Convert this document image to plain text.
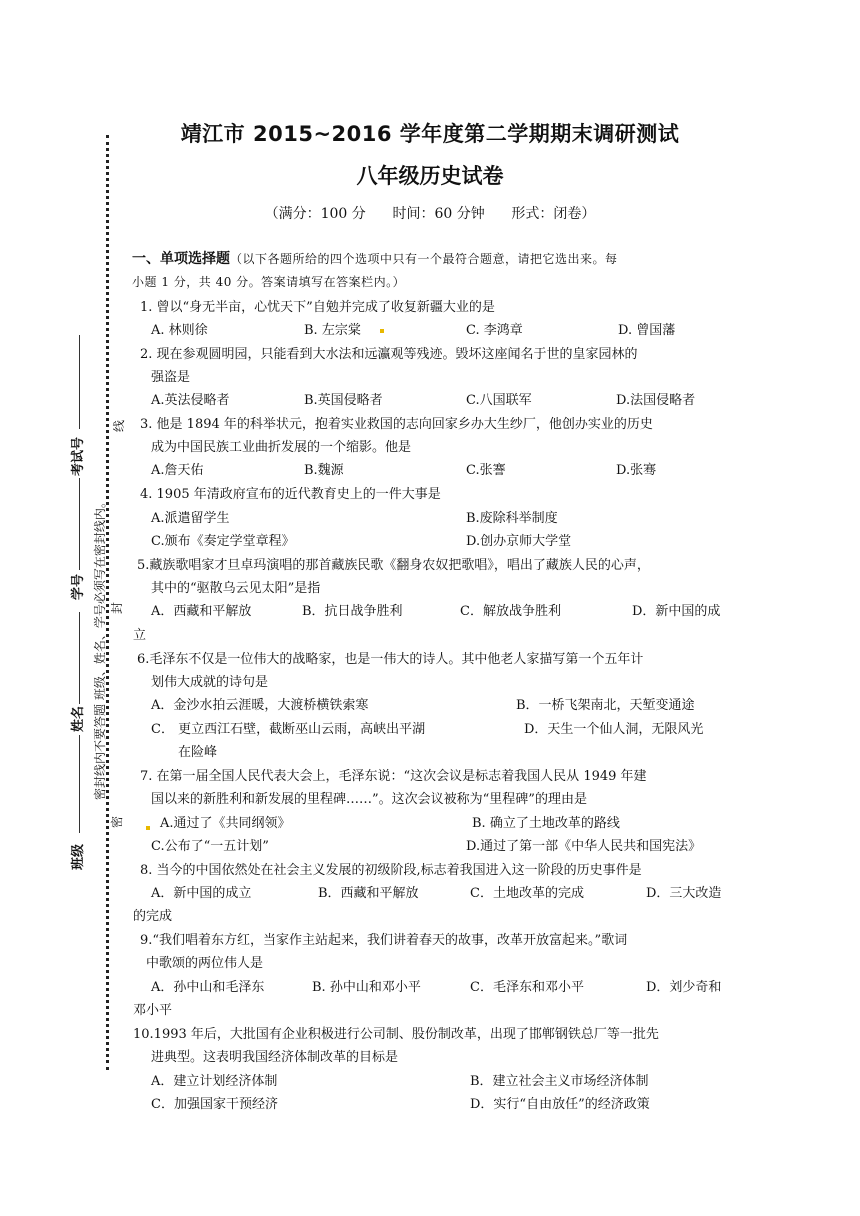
靖江市 2015~2016 学年度第二学期期末调研测试
八年级历史试卷
（满分：100 分      时间：60 分钟      形式：闭卷）
密封线内不要答题 班级、姓名、学号必须写在密封线内。
密
封
线
考试号
学号
姓名
班级
一、单项选择题（以下各题所给的四个选项中只有一个最符合题意，请把它选出来。每
小题 1 分，共 40 分。答案请填写在答案栏内。）
1. 曾以“身无半亩，心忧天下”自勉并完成了收复新疆大业的是
A. 林则徐	B. 左宗棠	C. 李鸿章	D. 曾国藩
2. 现在参观圆明园，只能看到大水法和远瀛观等残迹。毁坏这座闻名于世的皇家园林的
强盗是
A.英法侵略者	B.英国侵略者	C.八国联军	D.法国侵略者
3. 他是 1894 年的科举状元，抱着实业救国的志向回家乡办大生纱厂，他创办实业的历史
成为中国民族工业曲折发展的一个缩影。他是
A.詹天佑	B.魏源	C.张謇	D.张骞
4. 1905 年清政府宣布的近代教育史上的一件大事是
A.派遣留学生	B.废除科举制度
C.颁布《奏定学堂章程》	D.创办京师大学堂
5.藏族歌唱家才旦卓玛演唱的那首藏族民歌《翻身农奴把歌唱》，唱出了藏族人民的心声，
其中的“驱散乌云见太阳”是指
A．西藏和平解放	B．抗日战争胜利	C．解放战争胜利	D．新中国的成
立
6.毛泽东不仅是一位伟大的战略家，也是一伟大的诗人。其中他老人家描写第一个五年计
划伟大成就的诗句是
A．金沙水拍云涯暖，大渡桥横铁索寒	B．一桥飞架南北，天堑变通途
C． 更立西江石壁，截断巫山云雨，高峡出平湖	D．天生一个仙人洞，无限风光
在险峰
7. 在第一届全国人民代表大会上，毛泽东说：“这次会议是标志着我国人民从 1949 年建
国以来的新胜利和新发展的里程碑……”。这次会议被称为“里程碑”的理由是
A.通过了《共同纲领》	B. 确立了土地改革的路线
C.公布了“一五计划”	D.通过了第一部《中华人民共和国宪法》
8. 当今的中国依然处在社会主义发展的初级阶段,标志着我国进入这一阶段的历史事件是
A．新中国的成立	B．西藏和平解放	C．土地改革的完成	D．三大改造
的完成
9.“我们唱着东方红，当家作主站起来，我们讲着春天的故事，改革开放富起来。”歌词
中歌颂的两位伟人是
A．孙中山和毛泽东	B. 孙中山和邓小平	C．毛泽东和邓小平	D．刘少奇和
邓小平
10.1993 年后，大批国有企业积极进行公司制、股份制改革，出现了邯郸钢铁总厂等一批先
进典型。这表明我国经济体制改革的目标是
A．建立计划经济体制	B．建立社会主义市场经济体制
C．加强国家干预经济	D．实行“自由放任”的经济政策
